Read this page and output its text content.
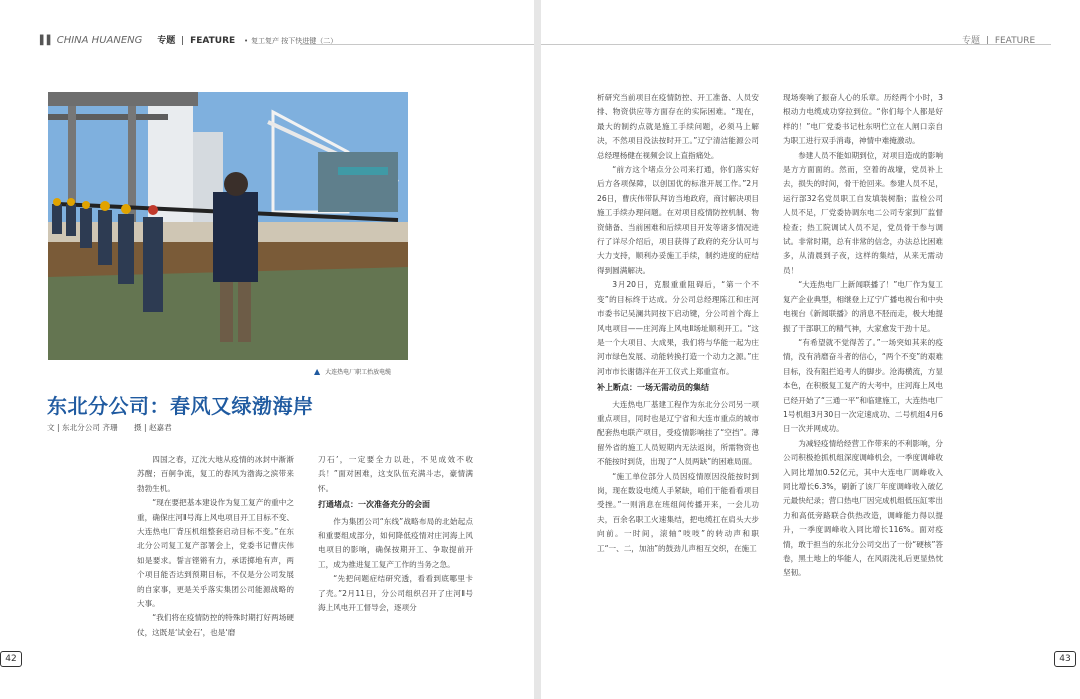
▌▌ CHINA HUANENG 专题 | FEATURE • 复工复产 按下快进键（二）
▲ 大连热电厂职工抬放电缆
东北分公司：春风又绿渤海岸
文 | 东北分公司 齐珊 摄 | 赵嘉君

四国之春，辽沈大地从疫情的冰封中渐渐苏醒；百舸争流，复工的春风为渤海之滨带来勃勃生机。

“现在要把基本建设作为复工复产的重中之重，确保庄河Ⅱ号海上风电项目开工目标不变、大连热电厂背压机组整套启动目标不变。”在东北分公司复工复产部署会上，党委书记曹庆伟如是要求。誓言铿锵有力，承诺掷地有声，两个项目能否达到预期目标，不仅是分公司发展的自家事，更是关乎落实集团公司能源战略的大事。

“我们将在疫情防控的特殊时期打好两场硬仗，这既是‘试金石’，也是‘磨

刀石’，一定要全力以赴，不见成效不收兵！”面对困难，这支队伍充满斗志，豪情满怀。

打通堵点：一次准备充分的会面

作为集团公司“东线”战略布局的北始起点和重要组成部分，如何降低疫情对庄河海上风电项目的影响，确保按期开工、争取提前开工，成为推进复工复产工作的当务之急。

“先把问题症结研究透，看看到底哪里卡了壳。”2月11日，分公司组织召开了庄河Ⅱ号海上风电开工督导会，逐项分

42
专题 | FEATURE

析研究当前项目在疫情防控、开工准备、人员安排、物资供应等方面存在的实际困难。“现在，最大的制约点就是施工手续问题，必须马上解决，不然项目没法按时开工。”辽宁清洁能源公司总经理杨健在视频会议上直指痛处。

“前方这个堵点分公司来打通，你们落实好后方各项保障，以创国优的标准开展工作。”2月26日，曹庆伟带队拜访当地政府，商讨解决项目施工手续办理问题。在对项目疫情防控机制、物资储备、当前困难和后续项目开发等诸多情况进行了详尽介绍后，项目获得了政府的充分认可与大力支持，顺利办妥施工手续，制约进度的症结得到圆满解决。

3月20日，克服重重阻碍后，“第一个不变”的目标终于达成。分公司总经理陈江和庄河市委书记吴澜共同按下启动键，分公司首个海上风电项目——庄河海上风电Ⅱ场址顺利开工。“这是一个大项目、大成果，我们将与华能一起为庄河市绿色发展、动能转换打造一个动力之源。”庄河市市长谢德洋在开工仪式上郑重宣布。

补上断点：一场无需动员的集结

大连热电厂基建工程作为东北分公司另一项重点项目，同时也是辽宁省和大连市重点的城市配套热电联产项目，受疫情影响挂了“空挡”。薄留外省的施工人员短期内无法返岗，所需物资也不能按时到货，出现了“人员两缺”的困难局面。

“施工单位部分人员因疫情原因没能按时到岗，现在数设电缆人手紧缺，咱们干能看看项目受挫。”一则消息在班组间传播开来，一会儿功夫，百余名职工火速集结，把电缆扛在肩头大步向前。一时间，滚轴“吱吱”的转动声和职工“一、二，加油”的鼓劲儿声相互交织，在施工

现场奏响了振奋人心的乐章。历经两个小时，3根动力电缆成功穿拉到位。“你们每个人都是好样的！”电厂党委书记杜东明伫立在人闸口亲自为职工进行双手消毒，神情中难掩激动。

参建人员不能如期到位，对项目造成的影响是方方面面的。然而，空着的战壕，党员补上去，损失的时间，骨干抢回来。参建人员不足，运行部32名党员职工自发填装树脂；监检公司人员不足，厂党委协调东电二公司专家到厂监督检查；热工院调试人员不足，党员骨干参与调试。非常时期，总有非常的信念，办法总比困难多，从清晨到子夜，这样的集结，从来无需动员！

“大连热电厂上新闻联播了！”电厂作为复工复产企业典型，相继登上辽宁广播电视台和中央电视台《新闻联播》的消息不胫而走，极大地提振了干部职工的精气神，大家愈发干劲十足。

“有希望就不觉得苦了。”一场突如其来的疫情，没有消磨奋斗者的信心，“两个不变”的艰难目标，没有阻拦追考人的脚步。沧海横流，方显本色，在积极复工复产的大考中，庄河海上风电已经开始了“三通一平”和临建施工，大连热电厂1号机组3月30日一次定速成功、二号机组4月6日一次并网成功。

为减轻疫情给经营工作带来的不利影响，分公司积极抢抓机组深度调峰机会，一季度调峰收入同比增加0.52亿元，其中大连电厂调峰收入同比增长6.3%，刷新了该厂年度调峰收入破亿元最快纪录；营口热电厂因完成机组低压缸零出力和高低旁路联合供热改造，调峰能力得以提升，一季度调峰收入同比增长116%。面对疫情，敢于担当的东北分公司交出了一份“硬核”答卷，黑土地上的华能人，在风雨洗礼后更显热忱坚韧。

43
